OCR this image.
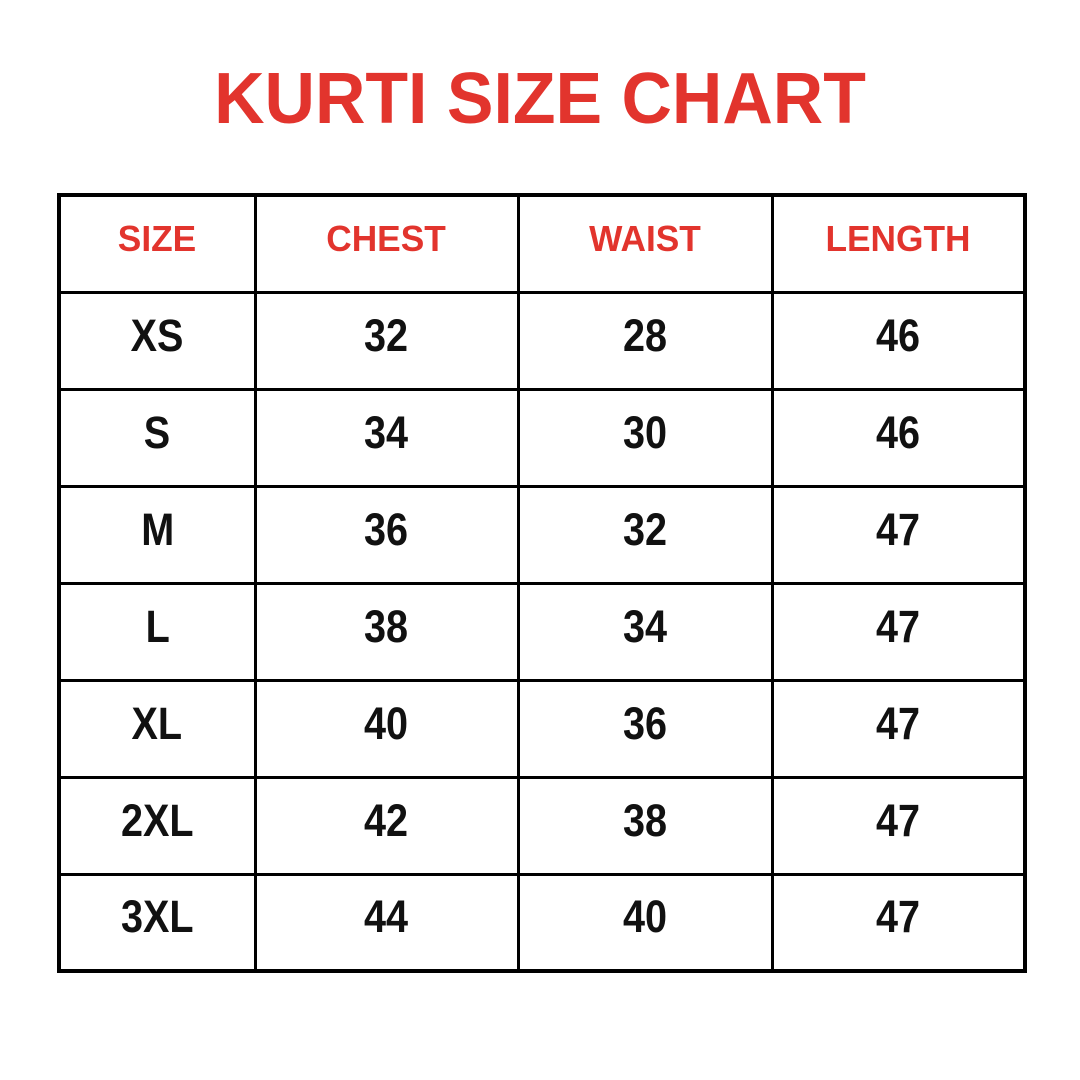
KURTI SIZE CHART
SIZE	CHEST	WAIST	LENGTH
XS	32	28	46
S	34	30	46
M	36	32	47
L	38	34	47
XL	40	36	47
2XL	42	38	47
3XL	44	40	47
